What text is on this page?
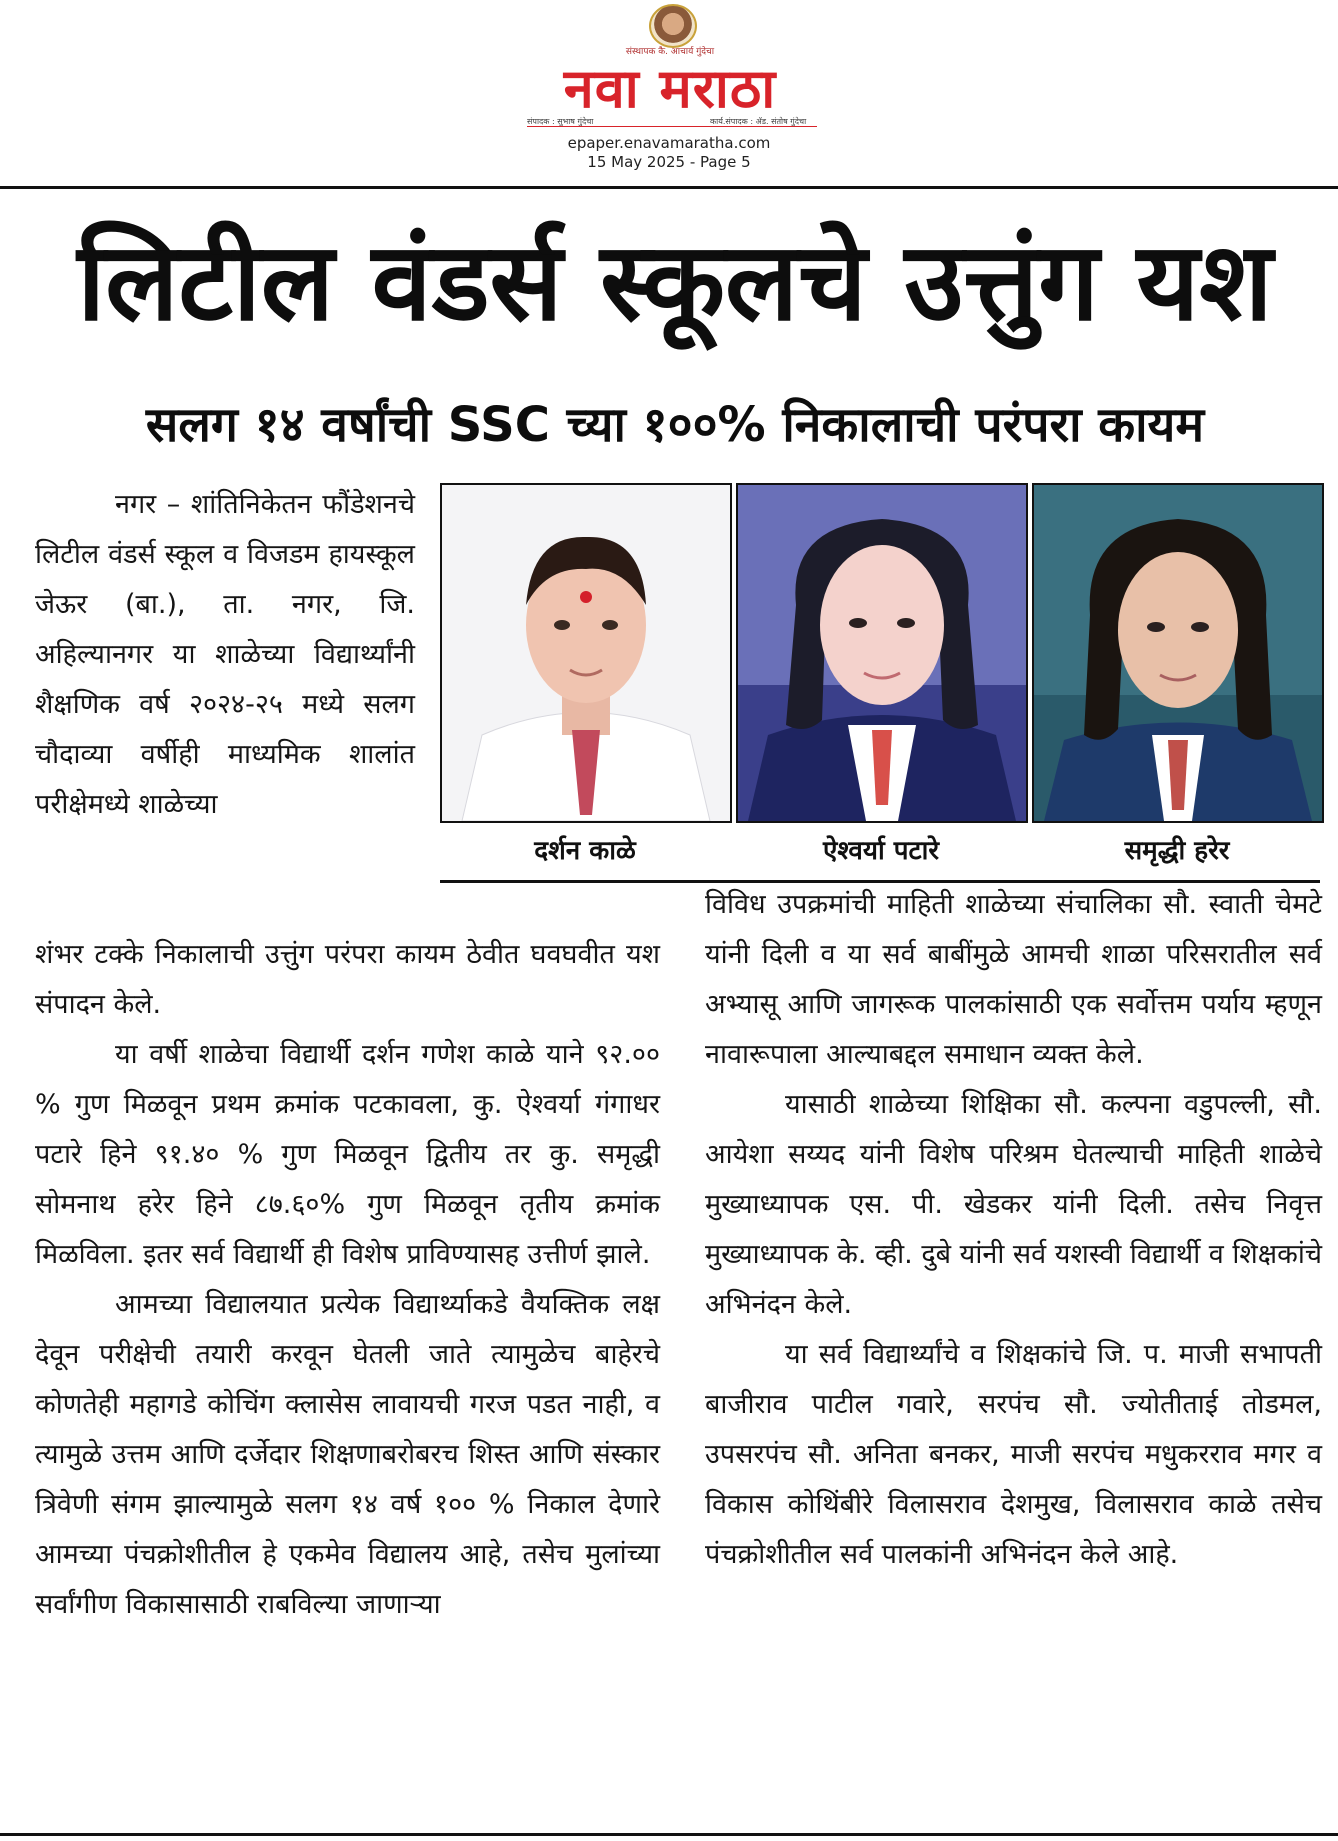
संस्थापक कै. आचार्य गुंदेचा
नवा मराठा
संपादक : सुभाष गुंदेचा	कार्य.संपादक : ॲड. संतोष गुंदेचा
epaper.enavamaratha.com
15 May 2025 - Page 5
लिटील वंडर्स स्कूलचे उत्तुंग यश
सलग १४ वर्षांची SSC च्या १००% निकालाची परंपरा कायम

नगर – शांतिनिकेतन फौंडेशनचे लिटील वंडर्स स्कूल व विजडम हायस्कूल जेऊर (बा.), ता. नगर, जि. अहिल्यानगर या शाळेच्या विद्यार्थ्यांनी शैक्षणिक वर्ष २०२४-२५ मध्ये सलग चौदाव्या वर्षीही माध्यमिक शालांत परीक्षेमध्ये शाळेच्या

दर्शन काळे	ऐश्वर्या पटारे	समृद्धी हरेर

शंभर टक्के निकालाची उत्तुंग परंपरा कायम ठेवीत घवघवीत यश संपादन केले.

या वर्षी शाळेचा विद्यार्थी दर्शन गणेश काळे याने ९२.०० % गुण मिळवून प्रथम क्रमांक पटकावला, कु. ऐश्वर्या गंगाधर पटारे हिने ९१.४० % गुण मिळवून द्वितीय तर कु. समृद्धी सोमनाथ हरेर हिने ८७.६०% गुण मिळवून तृतीय क्रमांक मिळविला. इतर सर्व विद्यार्थी ही विशेष प्राविण्यासह उत्तीर्ण झाले.

आमच्या विद्यालयात प्रत्येक विद्यार्थ्याकडे वैयक्तिक लक्ष देवून परीक्षेची तयारी करवून घेतली जाते त्यामुळेच बाहेरचे कोणतेही महागडे कोचिंग क्लासेस लावायची गरज पडत नाही, व त्यामुळे उत्तम आणि दर्जेदार शिक्षणाबरोबरच शिस्त आणि संस्कार त्रिवेणी संगम झाल्यामुळे सलग १४ वर्ष १०० % निकाल देणारे आमच्या पंचक्रोशीतील हे एकमेव विद्यालय आहे, तसेच मुलांच्या सर्वांगीण विकासासाठी राबविल्या जाणाऱ्या

विविध उपक्रमांची माहिती शाळेच्या संचालिका सौ. स्वाती चेमटे यांनी दिली व या सर्व बाबींमुळे आमची शाळा परिसरातील सर्व अभ्यासू आणि जागरूक पालकांसाठी एक सर्वोत्तम पर्याय म्हणून नावारूपाला आल्याबद्दल समाधान व्यक्त केले.

यासाठी शाळेच्या शिक्षिका सौ. कल्पना वडुपल्ली, सौ. आयेशा सय्यद यांनी विशेष परिश्रम घेतल्याची माहिती शाळेचे मुख्याध्यापक एस. पी. खेडकर यांनी दिली. तसेच निवृत्त मुख्याध्यापक के. व्ही. दुबे यांनी सर्व यशस्वी विद्यार्थी व शिक्षकांचे अभिनंदन केले.

या सर्व विद्यार्थ्यांचे व शिक्षकांचे जि. प. माजी सभापती बाजीराव पाटील गवारे, सरपंच सौ. ज्योतीताई तोडमल, उपसरपंच सौ. अनिता बनकर, माजी सरपंच मधुकरराव मगर व विकास कोथिंबीरे विलासराव देशमुख, विलासराव काळे तसेच पंचक्रोशीतील सर्व पालकांनी अभिनंदन केले आहे.
